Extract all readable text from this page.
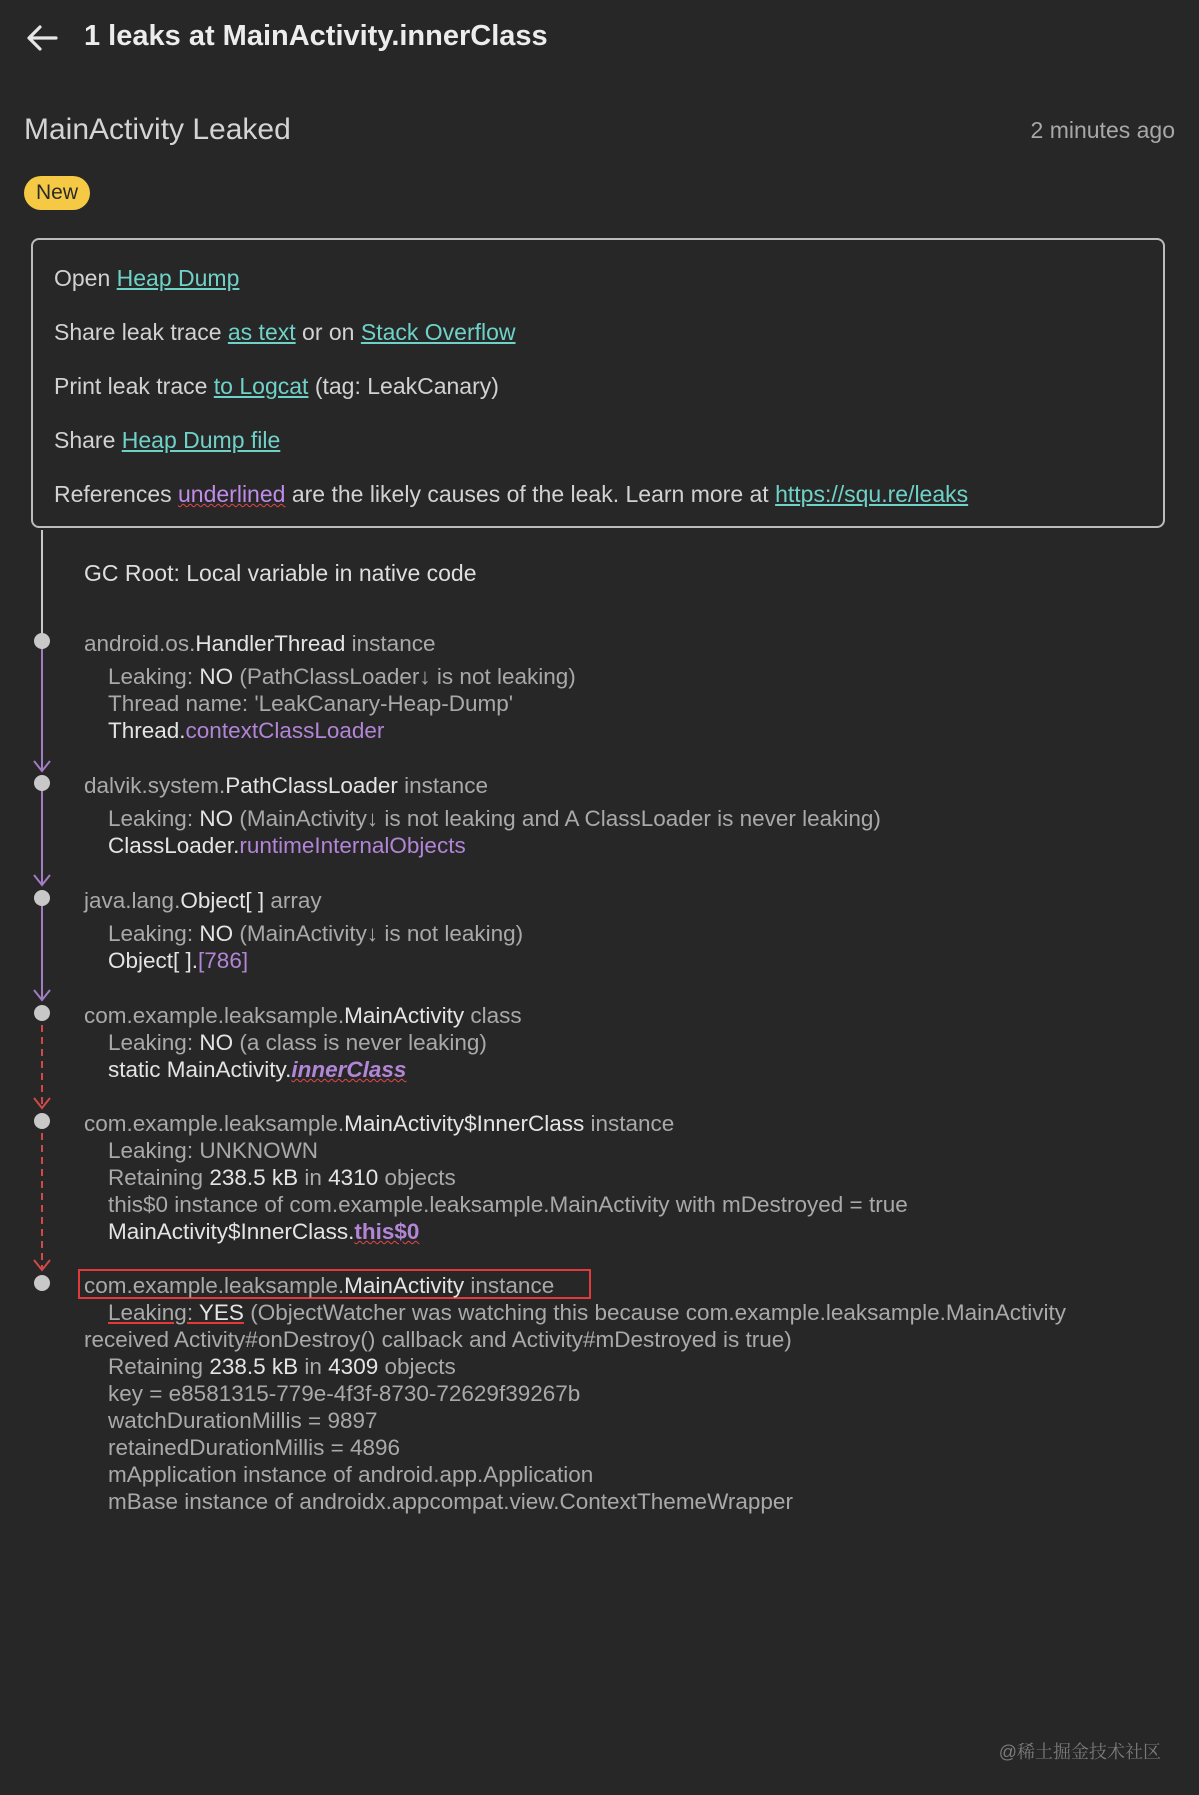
1 leaks at MainActivity.innerClass
MainActivity Leaked	2 minutes ago
New
Open Heap Dump
Share leak trace as text or on Stack Overflow
Print leak trace to Logcat (tag: LeakCanary)
Share Heap Dump file
References underlined are the likely causes of the leak. Learn more at https://squ.re/leaks
GC Root: Local variable in native code
android.os.HandlerThread instance
Leaking: NO (PathClassLoader↓ is not leaking)
Thread name: 'LeakCanary-Heap-Dump'
Thread.contextClassLoader
dalvik.system.PathClassLoader instance
Leaking: NO (MainActivity↓ is not leaking and A ClassLoader is never leaking)
ClassLoader.runtimeInternalObjects
java.lang.Object[ ] array
Leaking: NO (MainActivity↓ is not leaking)
Object[ ].[786]
com.example.leaksample.MainActivity class
Leaking: NO (a class is never leaking)
static MainActivity.innerClass
com.example.leaksample.MainActivity$InnerClass instance
Leaking: UNKNOWN
Retaining 238.5 kB in 4310 objects
this$0 instance of com.example.leaksample.MainActivity with mDestroyed = true
MainActivity$InnerClass.this$0
com.example.leaksample.MainActivity instance
Leaking: YES (ObjectWatcher was watching this because com.example.leaksample.MainActivity
received Activity#onDestroy() callback and Activity#mDestroyed is true)
Retaining 238.5 kB in 4309 objects
key = e8581315-779e-4f3f-8730-72629f39267b
watchDurationMillis = 9897
retainedDurationMillis = 4896
mApplication instance of android.app.Application
mBase instance of androidx.appcompat.view.ContextThemeWrapper
@稀土掘金技术社区
